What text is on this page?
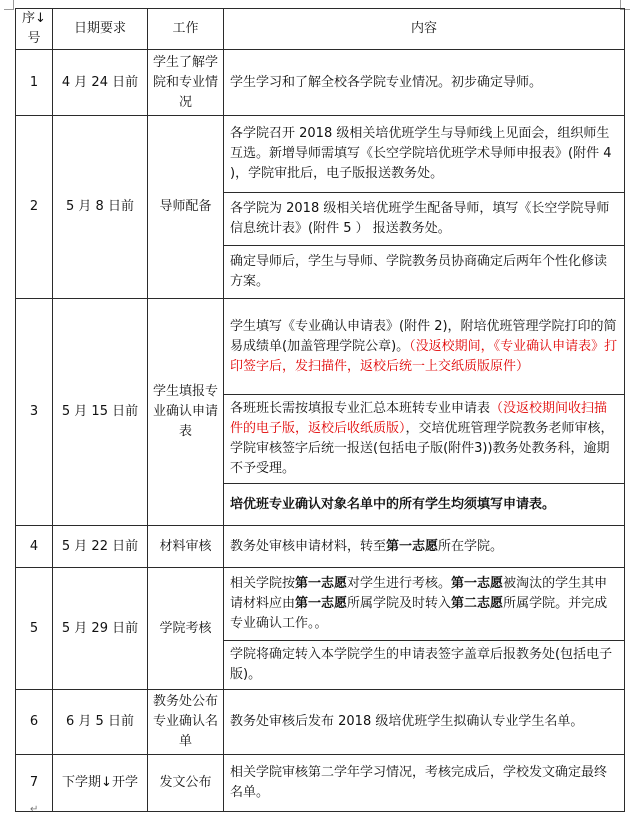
序↓号	日期要求	工作	内容
1	4 月 24 日前	学生了解学院和专业情况	学生学习和了解全校各学院专业情况。初步确定导师。
2	5 月 8 日前	导师配备	各学院召开 2018 级相关培优班学生与导师线上见面会，组织师生互选。新增导师需填写《长空学院培优班学术导师申报表》(附件 4 )，学院审批后，电子版报送教务处。
			各学院为 2018 级相关培优班学生配备导师，填写《长空学院导师信息统计表》(附件 5 ） 报送教务处。
			确定导师后，学生与导师、学院教务员协商确定后两年个性化修读方案。
3	5 月 15 日前	学生填报专业确认申请表	学生填写《专业确认申请表》(附件 2)，附培优班管理学院打印的简易成绩单(加盖管理学院公章)。（没返校期间，《专业确认申请表》打印签字后，发扫描件，返校后统一上交纸质版原件）
			各班班长需按填报专业汇总本班转专业申请表（没返校期间收扫描件的电子版，返校后收纸质版），交培优班管理学院教务老师审核，学院审核签字后统一报送(包括电子版(附件3))教务处教务科，逾期不予受理。
			培优班专业确认对象名单中的所有学生均须填写申请表。
4	5 月 22 日前	材料审核	教务处审核申请材料，转至第一志愿所在学院。
5	5 月 29 日前	学院考核	相关学院按第一志愿对学生进行考核。第一志愿被淘汰的学生其申请材料应由第一志愿所属学院及时转入第二志愿所属学院。并完成专业确认工作。。
			学院将确定转入本学院学生的申请表签字盖章后报教务处(包括电子版)。
6	6 月 5 日前	教务处公布专业确认名单	教务处审核后发布 2018 级培优班学生拟确认专业学生名单。
7	下学期↓开学	发文公布	相关学院审核第二学年学习情况，考核完成后，学校发文确定最终名单。
↵
